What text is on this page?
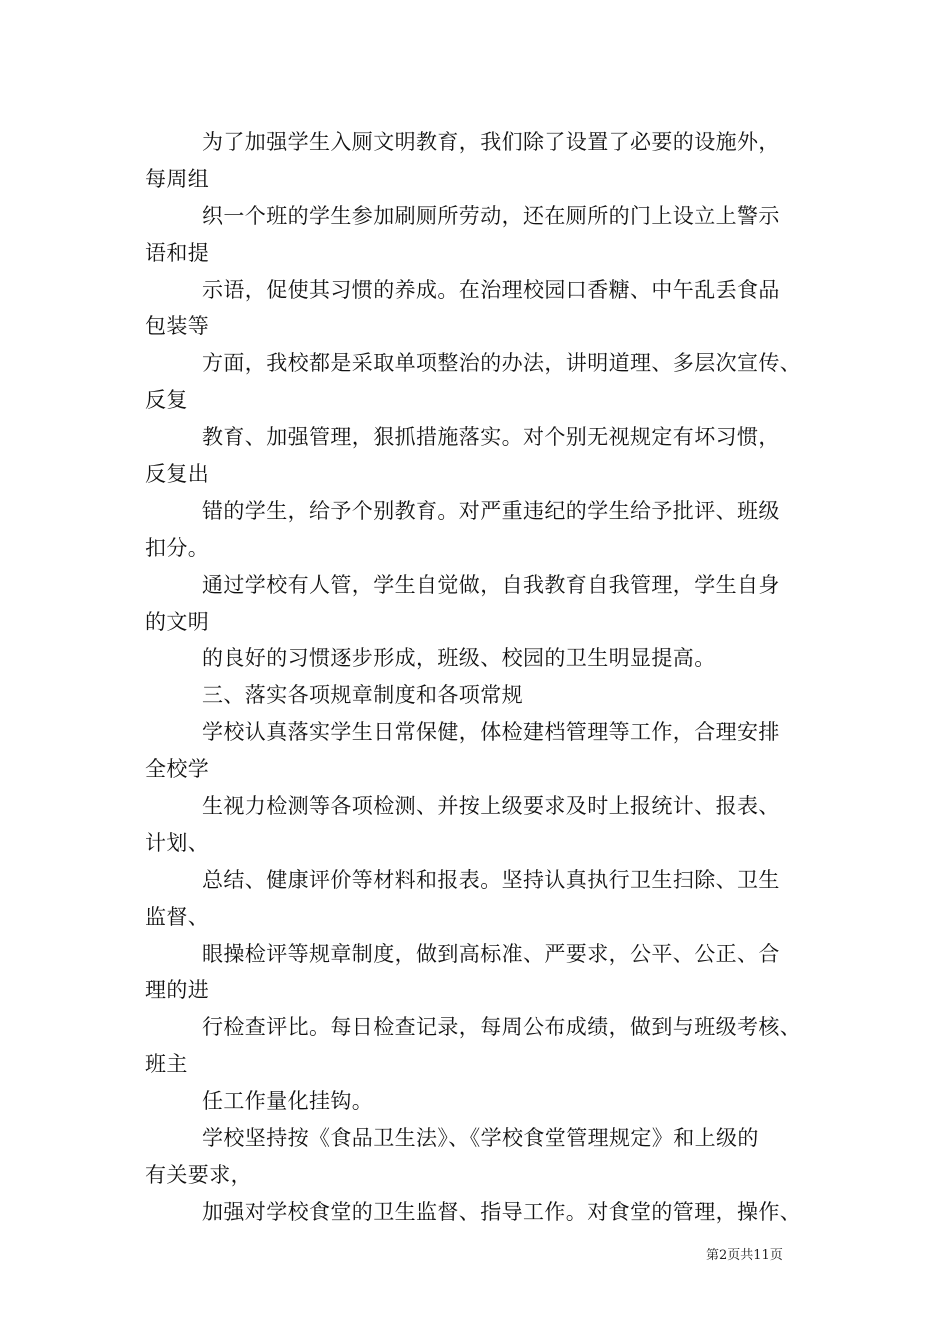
为了加强学生入厕文明教育，我们除了设置了必要的设施外，
每周组
织一个班的学生参加刷厕所劳动，还在厕所的门上设立上警示
语和提
示语，促使其习惯的养成。在治理校园口香糖、中午乱丢食品
包装等
方面，我校都是采取单项整治的办法，讲明道理、多层次宣传、
反复
教育、加强管理，狠抓措施落实。对个别无视规定有坏习惯，
反复出
错的学生，给予个别教育。对严重违纪的学生给予批评、班级
扣分。
通过学校有人管，学生自觉做，自我教育自我管理，学生自身
的文明
的良好的习惯逐步形成，班级、校园的卫生明显提高。
三、落实各项规章制度和各项常规
学校认真落实学生日常保健，体检建档管理等工作，合理安排
全校学
生视力检测等各项检测、并按上级要求及时上报统计、报表、
计划、
总结、健康评价等材料和报表。坚持认真执行卫生扫除、卫生
监督、
眼操检评等规章制度，做到高标准、严要求，公平、公正、合
理的进
行检查评比。每日检查记录，每周公布成绩，做到与班级考核、
班主
任工作量化挂钩。
学校坚持按《食品卫生法》、《学校食堂管理规定》和上级的
有关要求，
加强对学校食堂的卫生监督、指导工作。对食堂的管理，操作、
第2页共11页
